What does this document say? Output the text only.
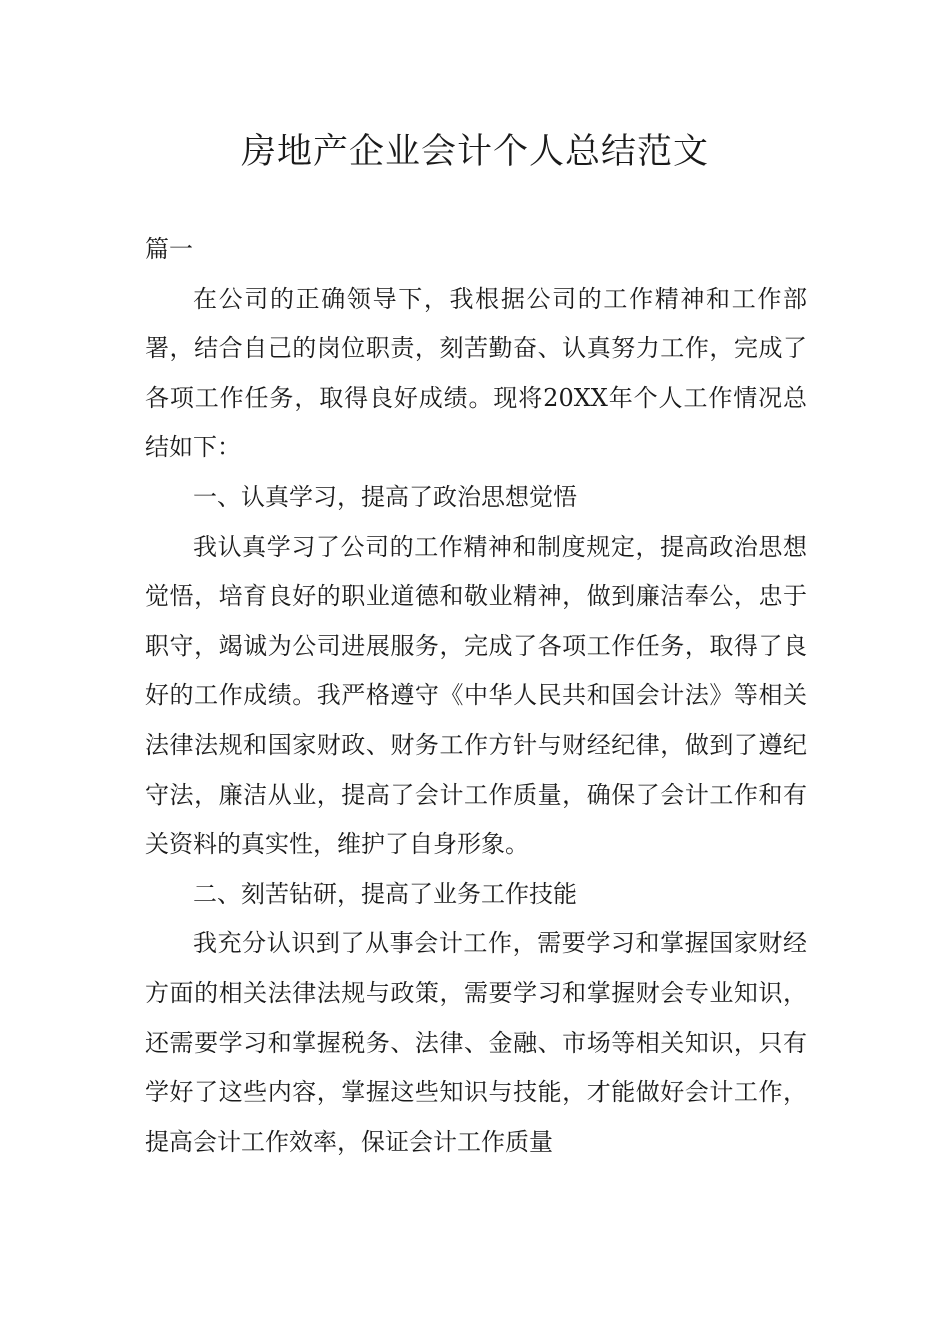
房地产企业会计个人总结范文

篇一

在公司的正确领导下，我根据公司的工作精神和工作部署，结合自己的岗位职责，刻苦勤奋、认真努力工作，完成了各项工作任务，取得良好成绩。现将20XX年个人工作情况总结如下：

一、认真学习，提高了政治思想觉悟

我认真学习了公司的工作精神和制度规定，提高政治思想觉悟，培育良好的职业道德和敬业精神，做到廉洁奉公，忠于职守，竭诚为公司进展服务，完成了各项工作任务，取得了良好的工作成绩。我严格遵守《中华人民共和国会计法》等相关法律法规和国家财政、财务工作方针与财经纪律，做到了遵纪守法，廉洁从业，提高了会计工作质量，确保了会计工作和有关资料的真实性，维护了自身形象。

二、刻苦钻研，提高了业务工作技能

我充分认识到了从事会计工作，需要学习和掌握国家财经方面的相关法律法规与政策，需要学习和掌握财会专业知识，还需要学习和掌握税务、法律、金融、市场等相关知识，只有学好了这些内容，掌握这些知识与技能，才能做好会计工作，提高会计工作效率，保证会计工作质量
